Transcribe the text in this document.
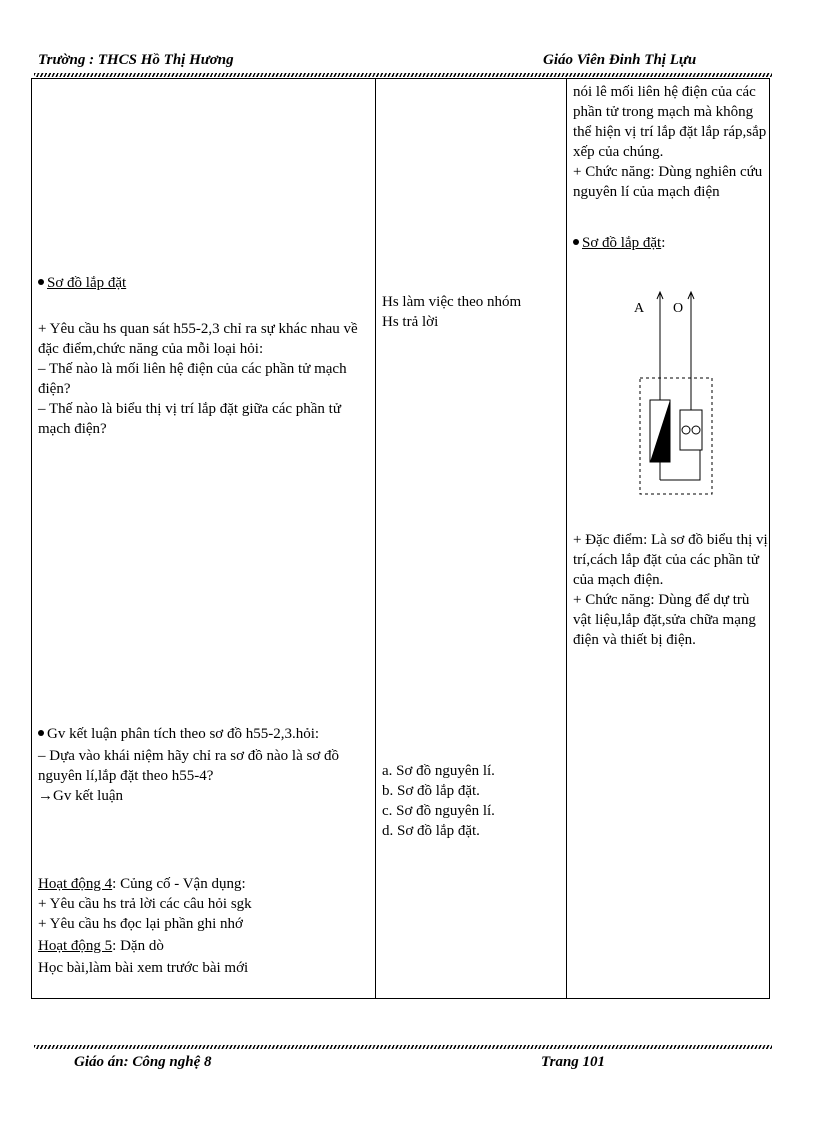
Trường : THCS Hồ Thị Hương	Giáo Viên Đinh Thị Lựu
Sơ đồ lắp đặt
+ Yêu cầu hs quan sát h55-2,3 chỉ ra sự khác nhau về đặc điểm,chức năng của mỗi loại hỏi:
– Thế nào là mối liên hệ điện của các phần tử mạch điện?
– Thế nào là biểu thị vị trí lắp đặt giữa các phần tử mạch điện?
Gv kết luận phân tích theo sơ đồ h55-2,3.hỏi:
– Dựa vào khái niệm hãy chỉ ra sơ đồ nào là sơ đồ nguyên lí,lắp đặt theo h55-4?
→Gv kết luận
Hoạt động 4: Củng cố - Vận dụng:
+ Yêu cầu hs trả lời các câu hỏi sgk
+ Yêu cầu hs đọc lại phần ghi nhớ
Hoạt động 5: Dặn dò
Học bài,làm bài xem trước bài mới
Hs làm việc theo nhóm
Hs trả lời
a. Sơ đồ nguyên lí.
b. Sơ đồ lắp đặt.
c. Sơ đồ nguyên lí.
d. Sơ đồ lắp đặt.
nói lê mối liên hệ điện của các phần tử trong mạch mà không thể hiện vị trí lắp đặt lắp ráp,sắp xếp của chúng.
+ Chức năng: Dùng nghiên cứu nguyên lí của mạch điện
Sơ đồ lắp đặt:
A O
+ Đặc điểm: Là sơ đồ biểu thị vị trí,cách lắp đặt của các phần tử của mạch điện.
+ Chức năng: Dùng để dự trù vật liệu,lắp đặt,sửa chữa mạng điện và thiết bị điện.
Giáo án: Công nghệ 8	Trang 101
